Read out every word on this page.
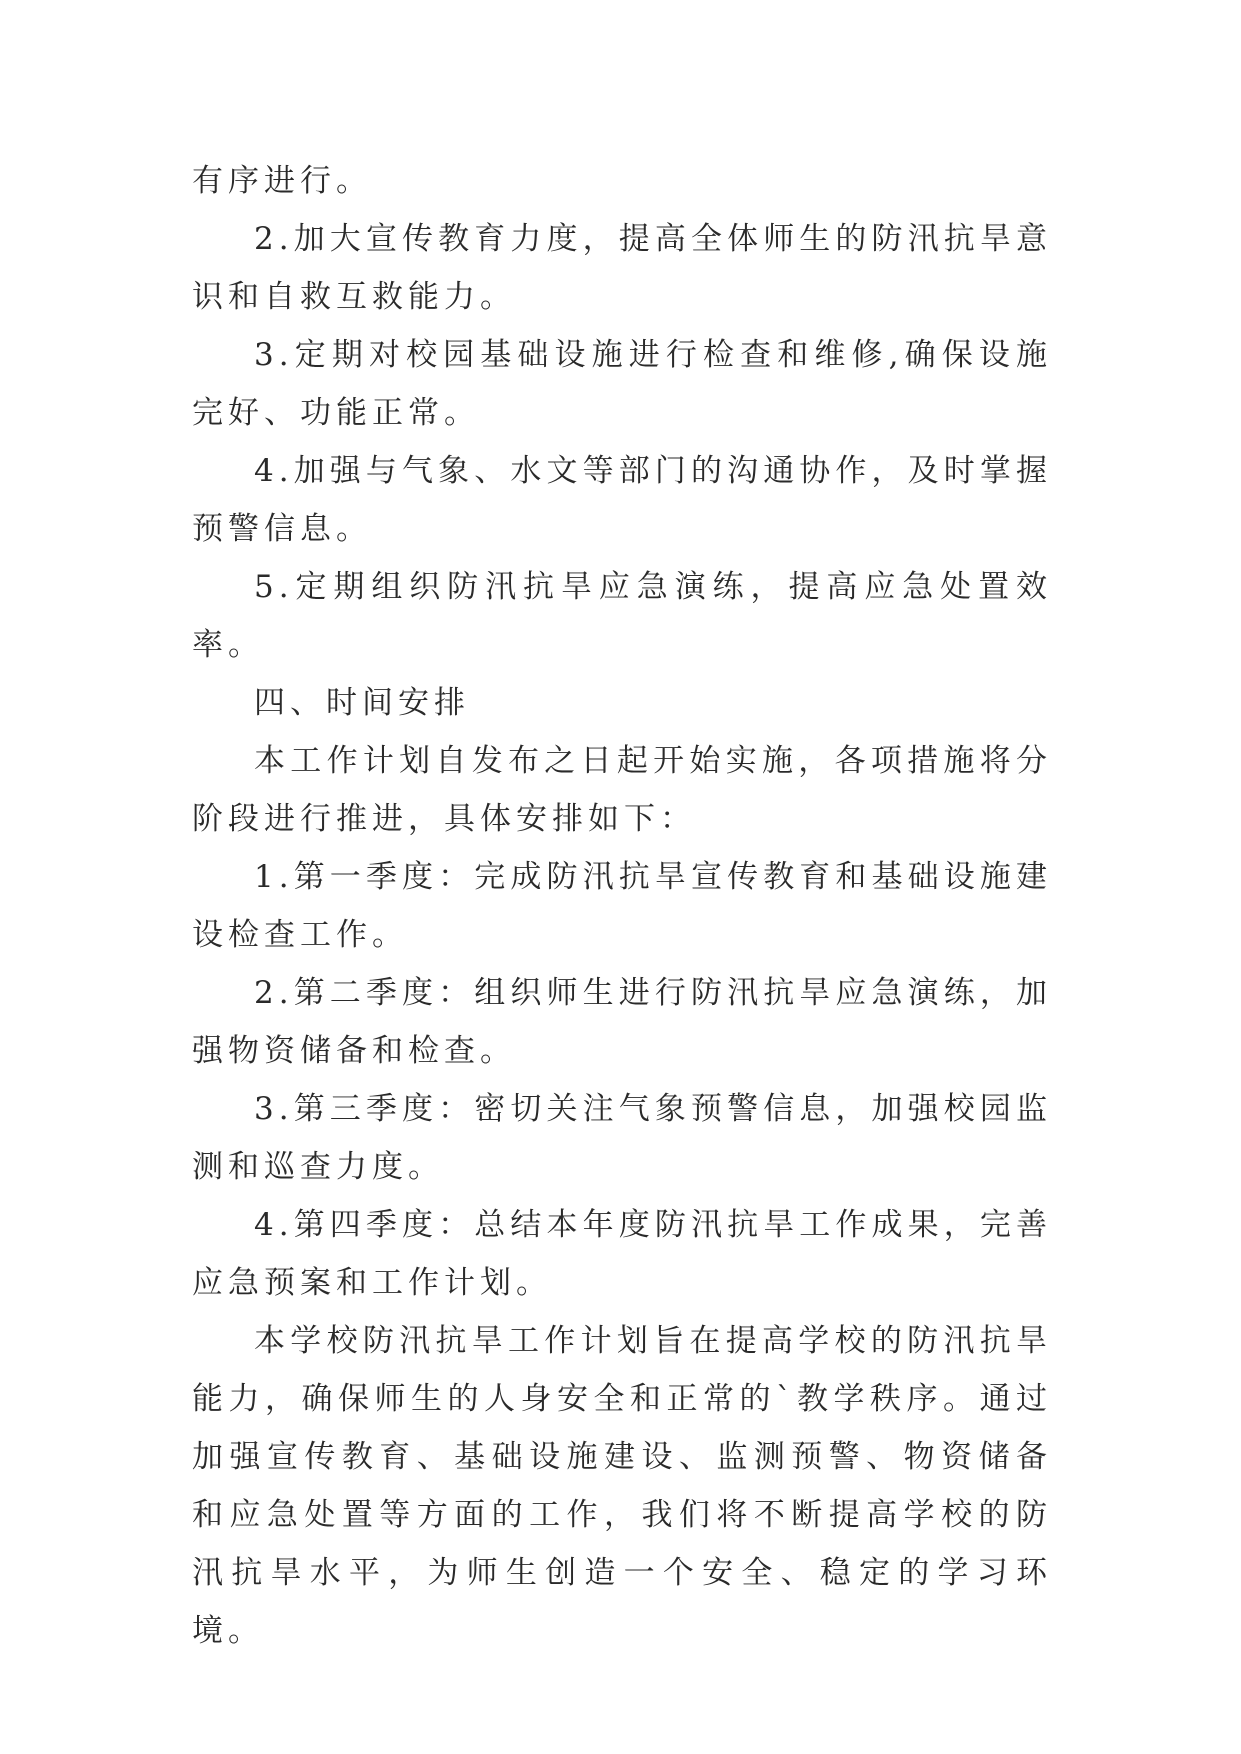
有序进行。

2.加大宣传教育力度，提高全体师生的防汛抗旱意识和自救互救能力。

3.定期对校园基础设施进行检查和维修,确保设施完好、功能正常。

4.加强与气象、水文等部门的沟通协作，及时掌握预警信息。

5.定期组织防汛抗旱应急演练，提高应急处置效率。

四、时间安排

本工作计划自发布之日起开始实施，各项措施将分阶段进行推进，具体安排如下：

1.第一季度：完成防汛抗旱宣传教育和基础设施建设检查工作。

2.第二季度：组织师生进行防汛抗旱应急演练，加强物资储备和检查。

3.第三季度：密切关注气象预警信息，加强校园监测和巡查力度。

4.第四季度：总结本年度防汛抗旱工作成果，完善应急预案和工作计划。

本学校防汛抗旱工作计划旨在提高学校的防汛抗旱能力，确保师生的人身安全和正常的`教学秩序。通过加强宣传教育、基础设施建设、监测预警、物资储备和应急处置等方面的工作，我们将不断提高学校的防汛抗旱水平，为师生创造一个安全、稳定的学习环境。
